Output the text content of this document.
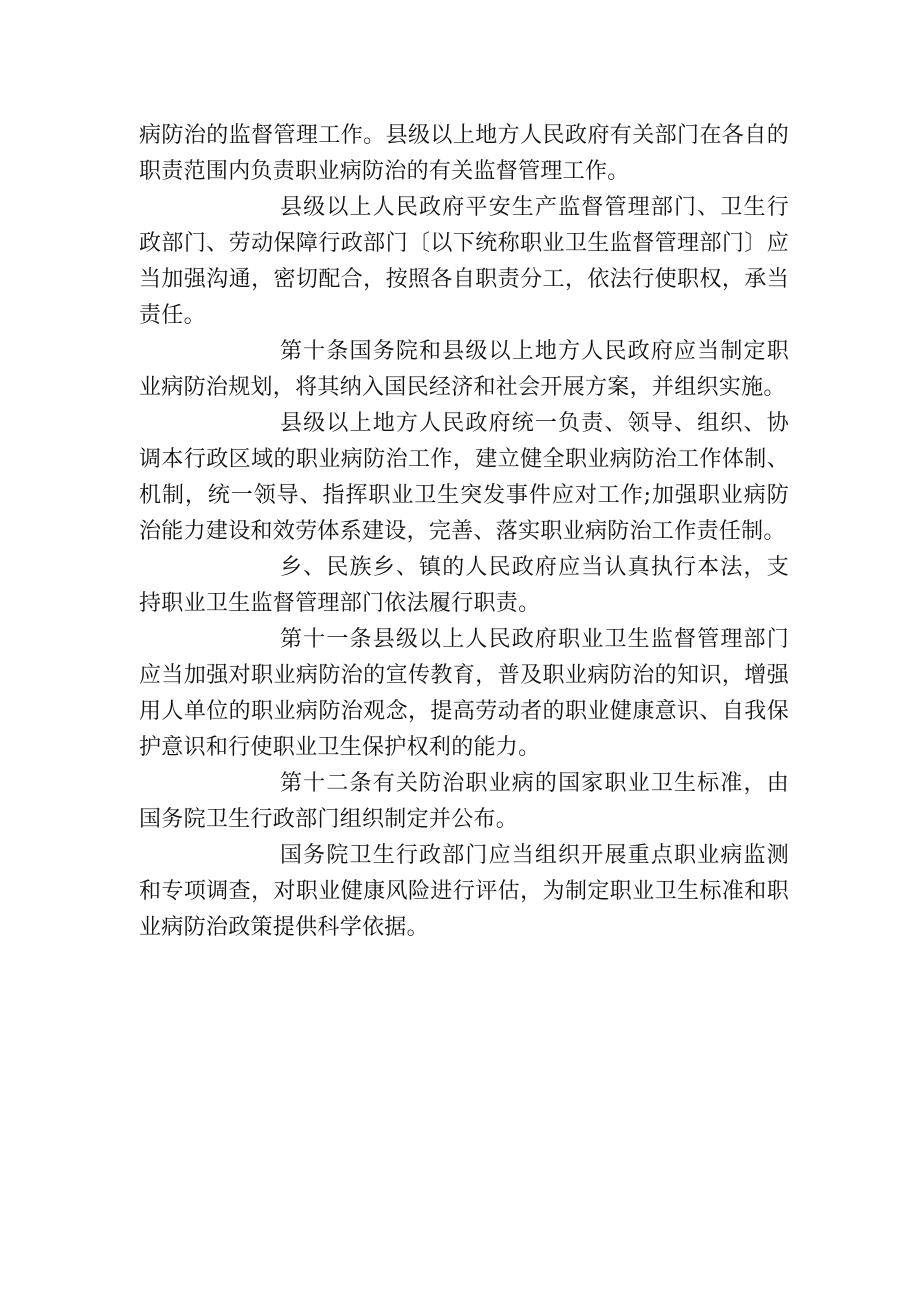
病防治的监督管理工作。县级以上地方人民政府有关部门在各自的职责范围内负责职业病防治的有关监督管理工作。

县级以上人民政府平安生产监督管理部门、卫生行政部门、劳动保障行政部门〔以下统称职业卫生监督管理部门〕应当加强沟通，密切配合，按照各自职责分工，依法行使职权，承当责任。

第十条国务院和县级以上地方人民政府应当制定职业病防治规划，将其纳入国民经济和社会开展方案，并组织实施。

县级以上地方人民政府统一负责、领导、组织、协调本行政区域的职业病防治工作，建立健全职业病防治工作体制、机制，统一领导、指挥职业卫生突发事件应对工作;加强职业病防治能力建设和效劳体系建设，完善、落实职业病防治工作责任制。

乡、民族乡、镇的人民政府应当认真执行本法，支持职业卫生监督管理部门依法履行职责。

第十一条县级以上人民政府职业卫生监督管理部门应当加强对职业病防治的宣传教育，普及职业病防治的知识，增强用人单位的职业病防治观念，提高劳动者的职业健康意识、自我保护意识和行使职业卫生保护权利的能力。

第十二条有关防治职业病的国家职业卫生标准，由国务院卫生行政部门组织制定并公布。

国务院卫生行政部门应当组织开展重点职业病监测和专项调查，对职业健康风险进行评估，为制定职业卫生标准和职业病防治政策提供科学依据。
